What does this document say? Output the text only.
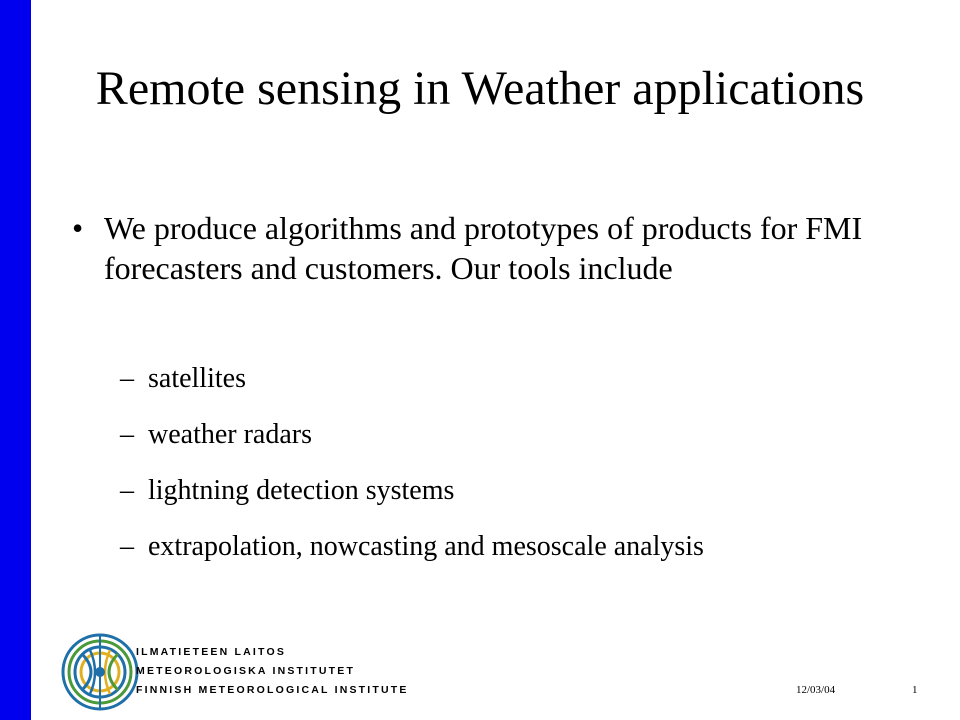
Remote sensing in Weather applications
• We produce algorithms and prototypes of products for FMI forecasters and customers. Our tools include
– satellites
– weather radars
– lightning detection systems
– extrapolation, nowcasting and mesoscale analysis
ILMATIETEEN LAITOS
METEOROLOGISKA INSTITUTET
FINNISH METEOROLOGICAL INSTITUTE	12/03/04	1
